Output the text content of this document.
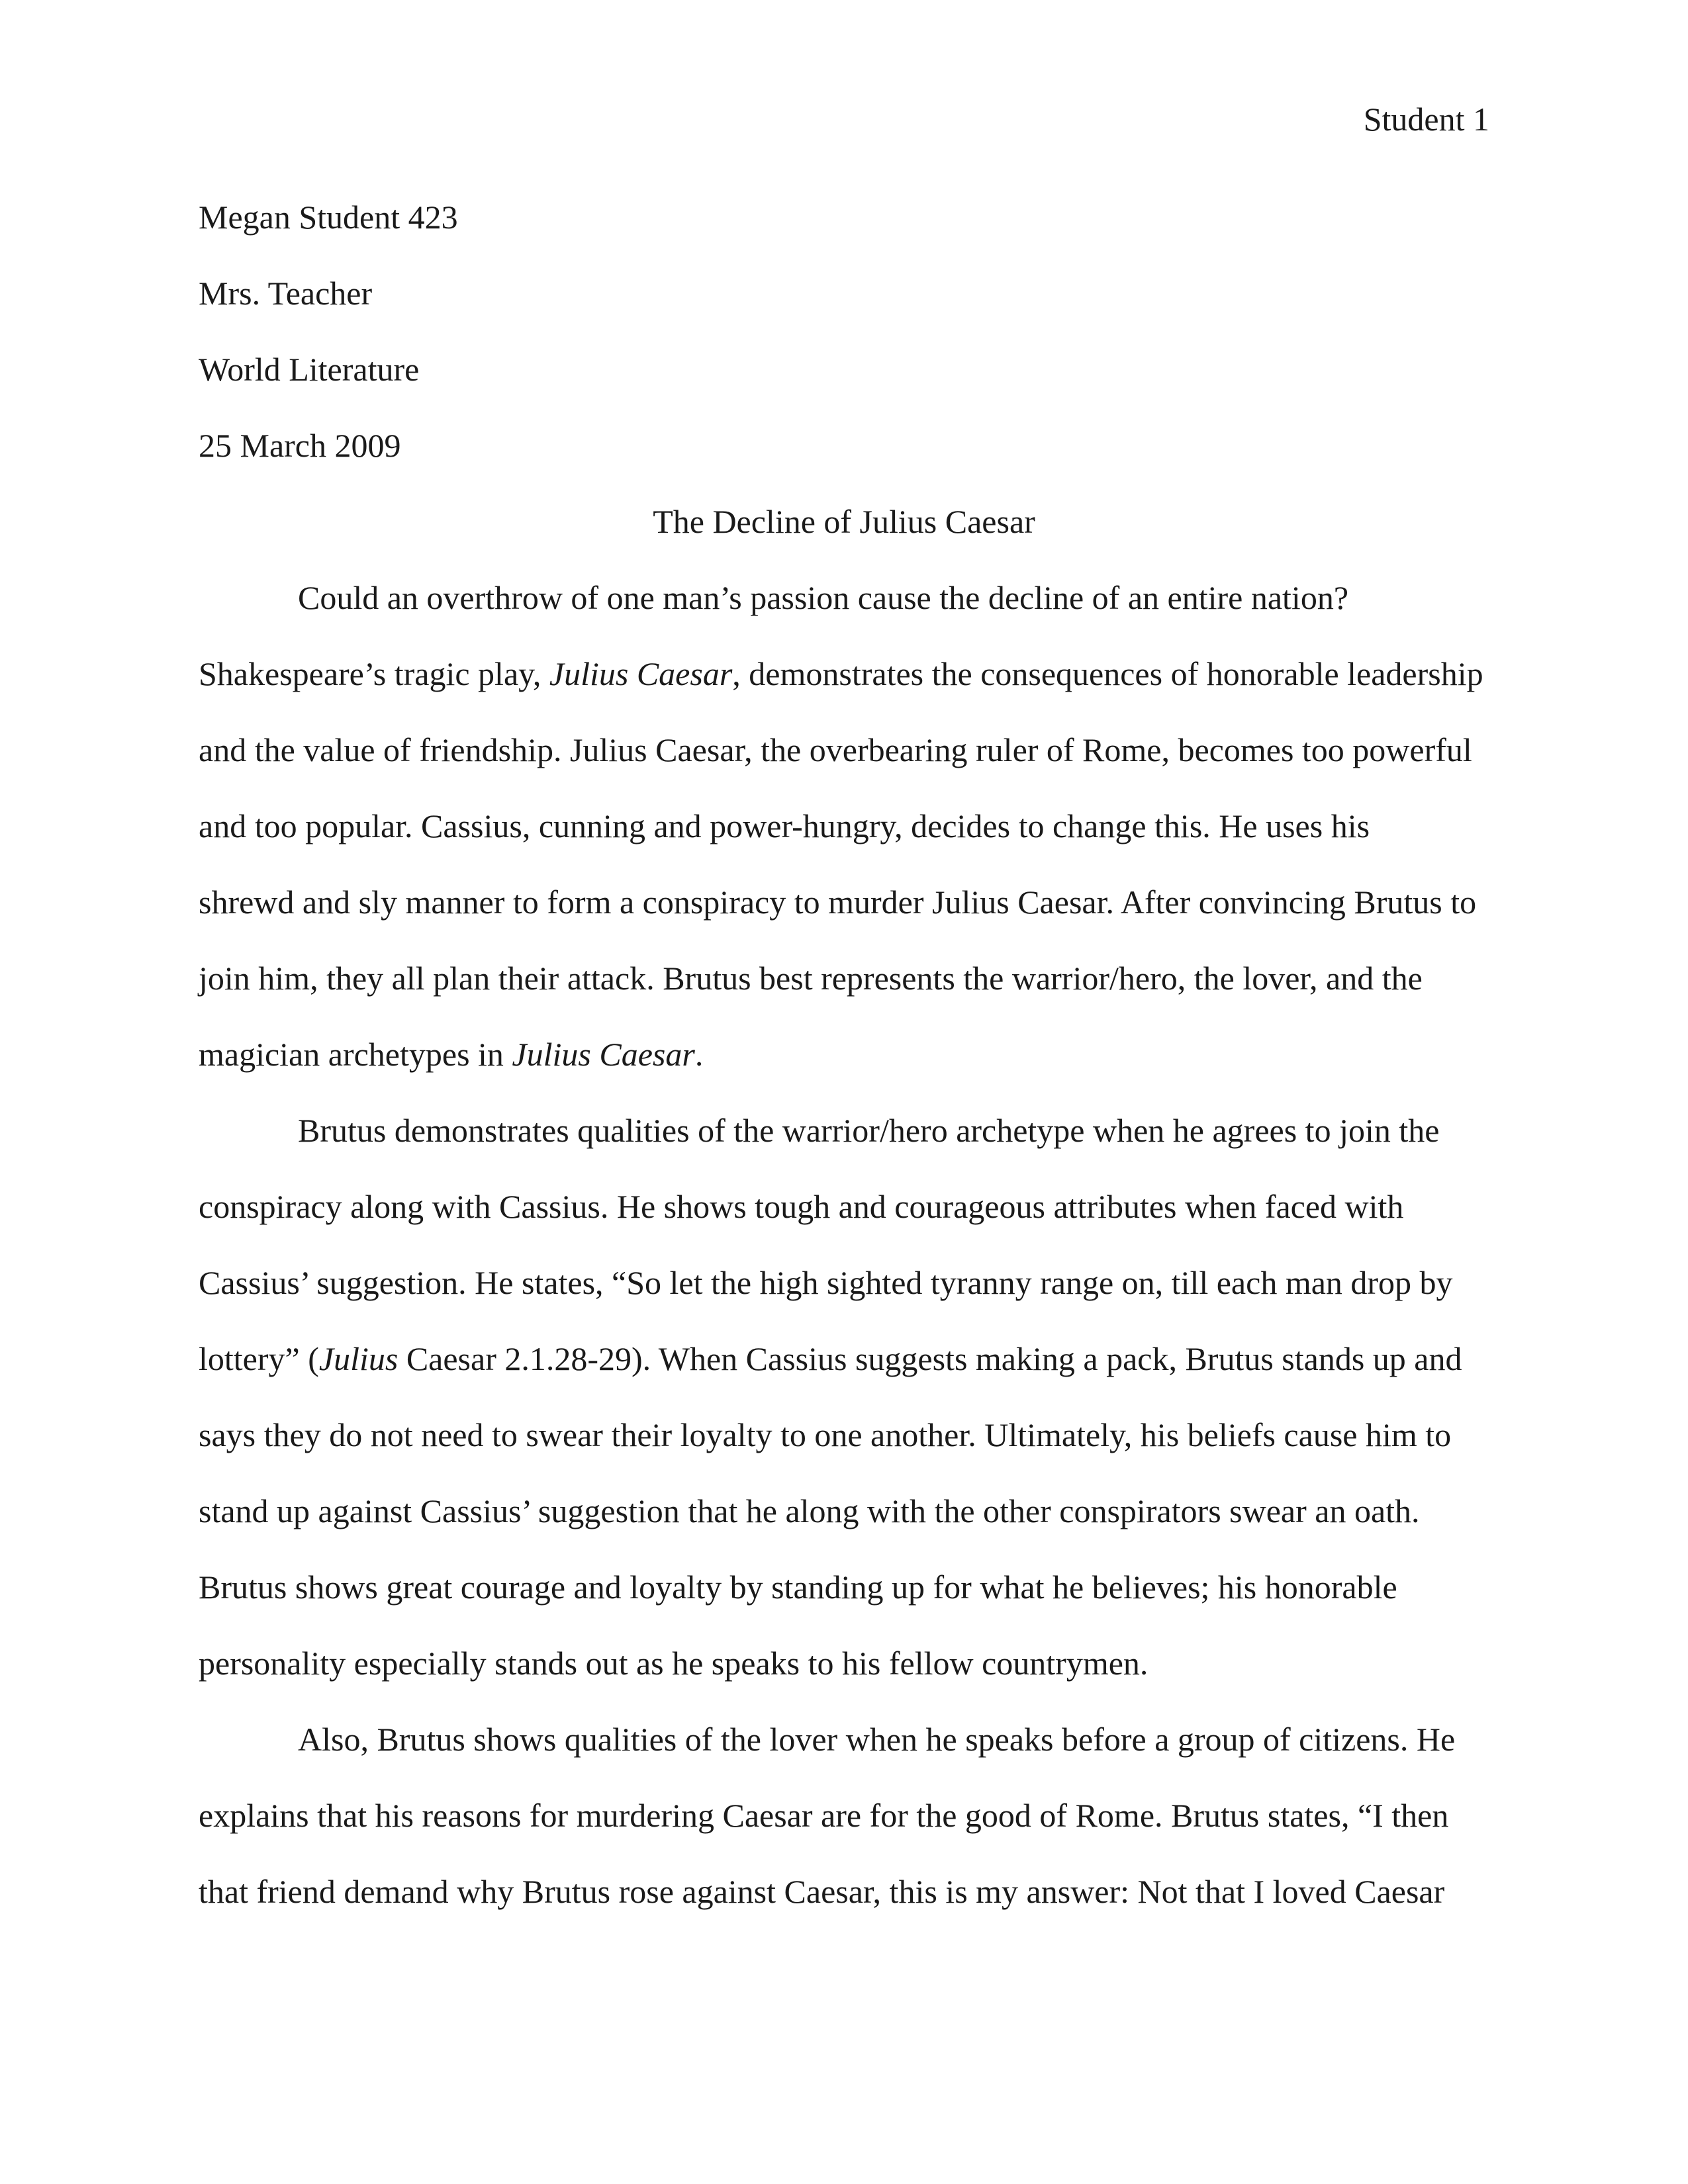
Student 1
Megan Student 423
Mrs. Teacher
World Literature
25 March 2009
The Decline of Julius Caesar
Could an overthrow of one man’s passion cause the decline of an entire nation?
Shakespeare’s tragic play, Julius Caesar, demonstrates the consequences of honorable leadership
and the value of friendship. Julius Caesar, the overbearing ruler of Rome, becomes too powerful
and too popular. Cassius, cunning and power-hungry, decides to change this. He uses his
shrewd and sly manner to form a conspiracy to murder Julius Caesar. After convincing Brutus to
join him, they all plan their attack. Brutus best represents the warrior/hero, the lover, and the
magician archetypes in Julius Caesar.
Brutus demonstrates qualities of the warrior/hero archetype when he agrees to join the
conspiracy along with Cassius. He shows tough and courageous attributes when faced with
Cassius’ suggestion. He states, “So let the high sighted tyranny range on, till each man drop by
lottery” (Julius Caesar 2.1.28-29). When Cassius suggests making a pack, Brutus stands up and
says they do not need to swear their loyalty to one another. Ultimately, his beliefs cause him to
stand up against Cassius’ suggestion that he along with the other conspirators swear an oath.
Brutus shows great courage and loyalty by standing up for what he believes; his honorable
personality especially stands out as he speaks to his fellow countrymen.
Also, Brutus shows qualities of the lover when he speaks before a group of citizens. He
explains that his reasons for murdering Caesar are for the good of Rome. Brutus states, “I then
that friend demand why Brutus rose against Caesar, this is my answer: Not that I loved Caesar
